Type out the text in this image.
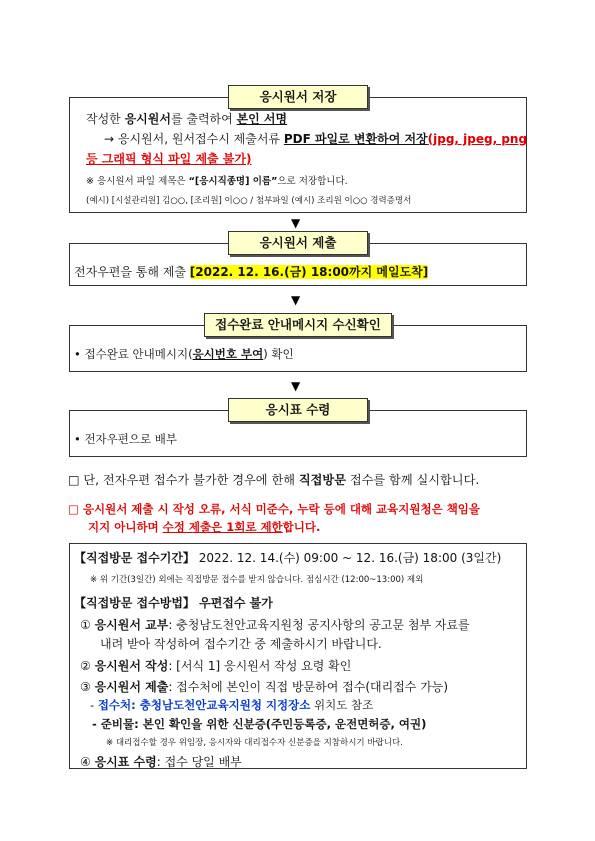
응시원서 저장
작성한 응시원서를 출력하여 본인 서명
→ 응시원서, 원서접수시 제출서류 PDF 파일로 변환하여 저장(jpg, jpeg, png
등 그래픽 형식 파일 제출 불가)
※ 응시원서 파일 제목은 “[응시직종명] 이름”으로 저장합니다.
(예시) [시설관리원] 김○○, [조리원] 이○○ / 첨부파일 (예시) 조리원 이○○ 경력증명서
▼
응시원서 제출
전자우편을 통해 제출 [2022. 12. 16.(금) 18:00까지 메일도착]
▼
접수완료 안내메시지 수신확인
• 접수완료 안내메시지(응시번호 부여) 확인
▼
응시표 수령
• 전자우편으로 배부
□ 단, 전자우편 접수가 불가한 경우에 한해 직접방문 접수를 함께 실시합니다.
□ 응시원서 제출 시 작성 오류, 서식 미준수, 누락 등에 대해 교육지원청은 책임을
지지 아니하며 수정 제출은 1회로 제한합니다.
【직접방문 접수기간】 2022. 12. 14.(수) 09:00 ~ 12. 16.(금) 18:00 (3일간)
※ 위 기간(3일간) 외에는 직접방문 접수를 받지 않습니다. 점심시간 (12:00~13:00) 제외
【직접방문 접수방법】 우편접수 불가
① 응시원서 교부: 충청남도천안교육지원청 공지사항의 공고문 첨부 자료를
내려 받아 작성하여 접수기간 중 제출하시기 바랍니다.
② 응시원서 작성: [서식 1] 응시원서 작성 요령 확인
③ 응시원서 제출: 접수처에 본인이 직접 방문하여 접수(대리접수 가능)
- 접수처: 충청남도천안교육지원청 지정장소 위치도 참조
- 준비물: 본인 확인을 위한 신분증(주민등록증, 운전면허증, 여권)
※ 대리접수할 경우 위임장, 응시자와 대리접수자 신분증을 지참하시기 바랍니다.
④ 응시표 수령: 접수 당일 배부
